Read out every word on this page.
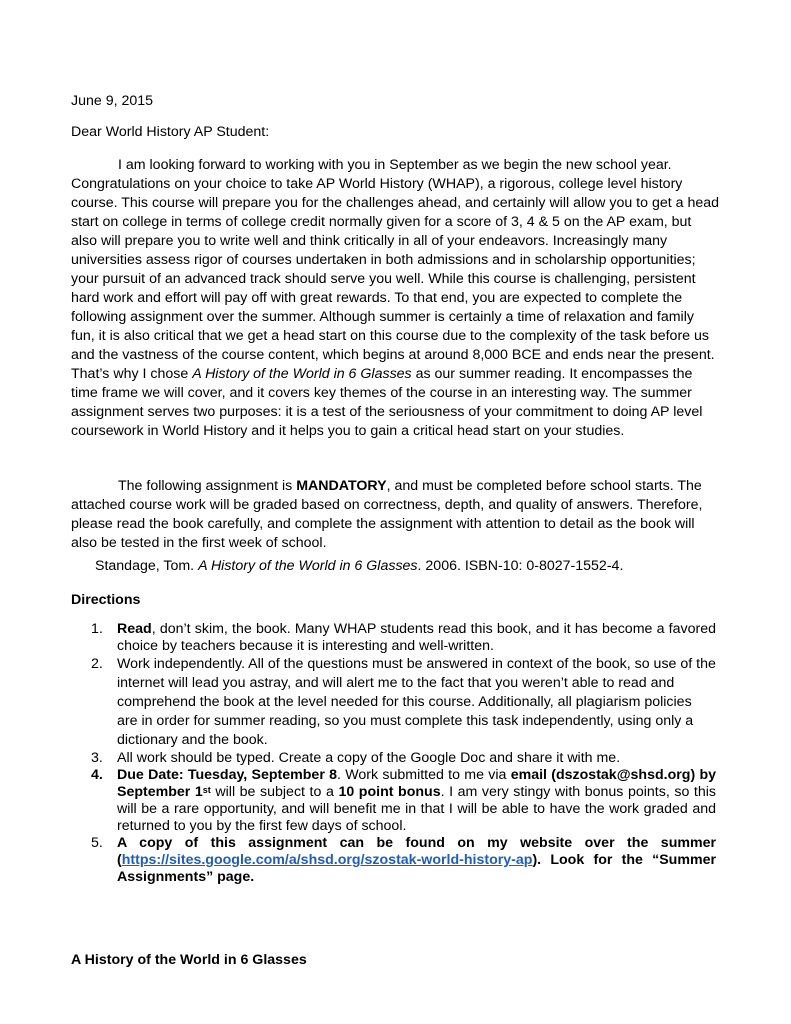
June 9, 2015
Dear World History AP Student:
I am looking forward to working with you in September as we begin the new school year. Congratulations on your choice to take AP World History (WHAP), a rigorous, college level history course. This course will prepare you for the challenges ahead, and certainly will allow you to get a head start on college in terms of college credit normally given for a score of 3, 4 & 5 on the AP exam, but also will prepare you to write well and think critically in all of your endeavors. Increasingly many universities assess rigor of courses undertaken in both admissions and in scholarship opportunities; your pursuit of an advanced track should serve you well. While this course is challenging, persistent hard work and effort will pay off with great rewards. To that end, you are expected to complete the following assignment over the summer. Although summer is certainly a time of relaxation and family fun, it is also critical that we get a head start on this course due to the complexity of the task before us and the vastness of the course content, which begins at around 8,000 BCE and ends near the present. That’s why I chose A History of the World in 6 Glasses as our summer reading. It encompasses the time frame we will cover, and it covers key themes of the course in an interesting way. The summer assignment serves two purposes: it is a test of the seriousness of your commitment to doing AP level coursework in World History and it helps you to gain a critical head start on your studies.
The following assignment is MANDATORY, and must be completed before school starts. The attached course work will be graded based on correctness, depth, and quality of answers. Therefore, please read the book carefully, and complete the assignment with attention to detail as the book will also be tested in the first week of school.
Standage, Tom. A History of the World in 6 Glasses. 2006. ISBN-10: 0-8027-1552-4.
Directions
1. Read, don’t skim, the book. Many WHAP students read this book, and it has become a favored choice by teachers because it is interesting and well-written.
2. Work independently. All of the questions must be answered in context of the book, so use of the internet will lead you astray, and will alert me to the fact that you weren’t able to read and comprehend the book at the level needed for this course. Additionally, all plagiarism policies are in order for summer reading, so you must complete this task independently, using only a dictionary and the book.
3. All work should be typed. Create a copy of the Google Doc and share it with me.
4. Due Date: Tuesday, September 8. Work submitted to me via email (dszostak@shsd.org) by September 1st will be subject to a 10 point bonus. I am very stingy with bonus points, so this will be a rare opportunity, and will benefit me in that I will be able to have the work graded and returned to you by the first few days of school.
5. A copy of this assignment can be found on my website over the summer (https://sites.google.com/a/shsd.org/szostak-world-history-ap). Look for the “Summer Assignments” page.
A History of the World in 6 Glasses
